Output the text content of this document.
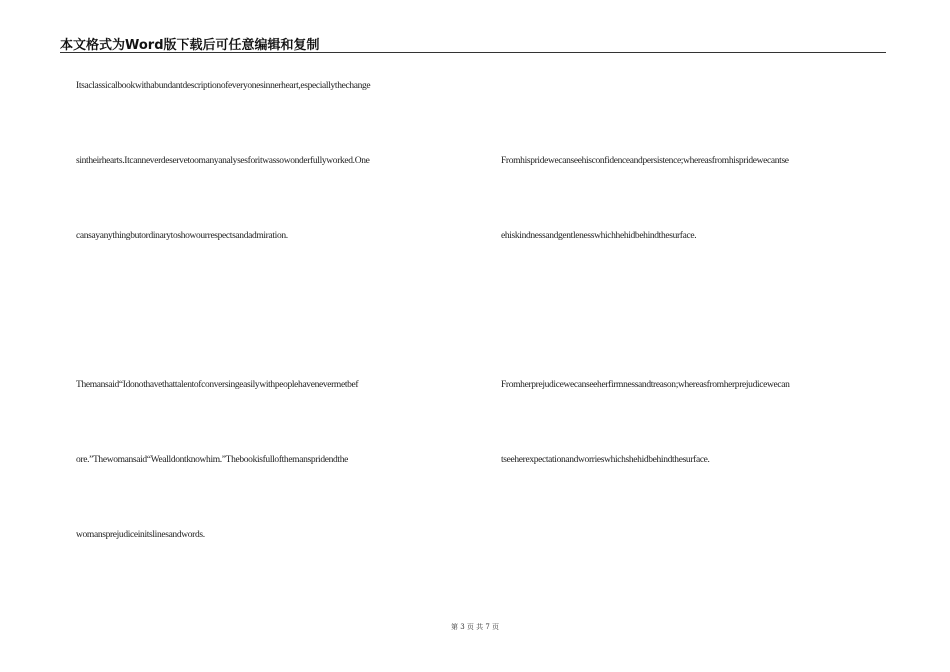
本文格式为Word版下载后可任意编辑和复制
Itsaclassicalbookwithabundantdescriptionofeveryonesinnerheart,especiallythechange
sintheirhearts.Itcanneverdeservetoomanyanalysesforitwassowonderfullyworked.One
cansayanythingbutordinarytoshowourrespectsandadmiration.
Themansaid“Idonothavethattalentofconversingeasilywithpeoplehavenevermetbef
ore.”Thewomansaid“Wealldontknowhim.”Thebookisfullofthemanspridendthe
womansprejudiceinitslinesandwords.
Fromhispridewecanseehisconfidenceandpersistence;whereasfromhispridewecantse
ehiskindnessandgentlenesswhichhehidbehindthesurface.
Fromherprejudicewecanseeherfirmnessandtreason;whereasfromherprejudicewecan
tseeherexpectationandworrieswhichshehidbehindthesurface.
第 3 页 共 7 页
